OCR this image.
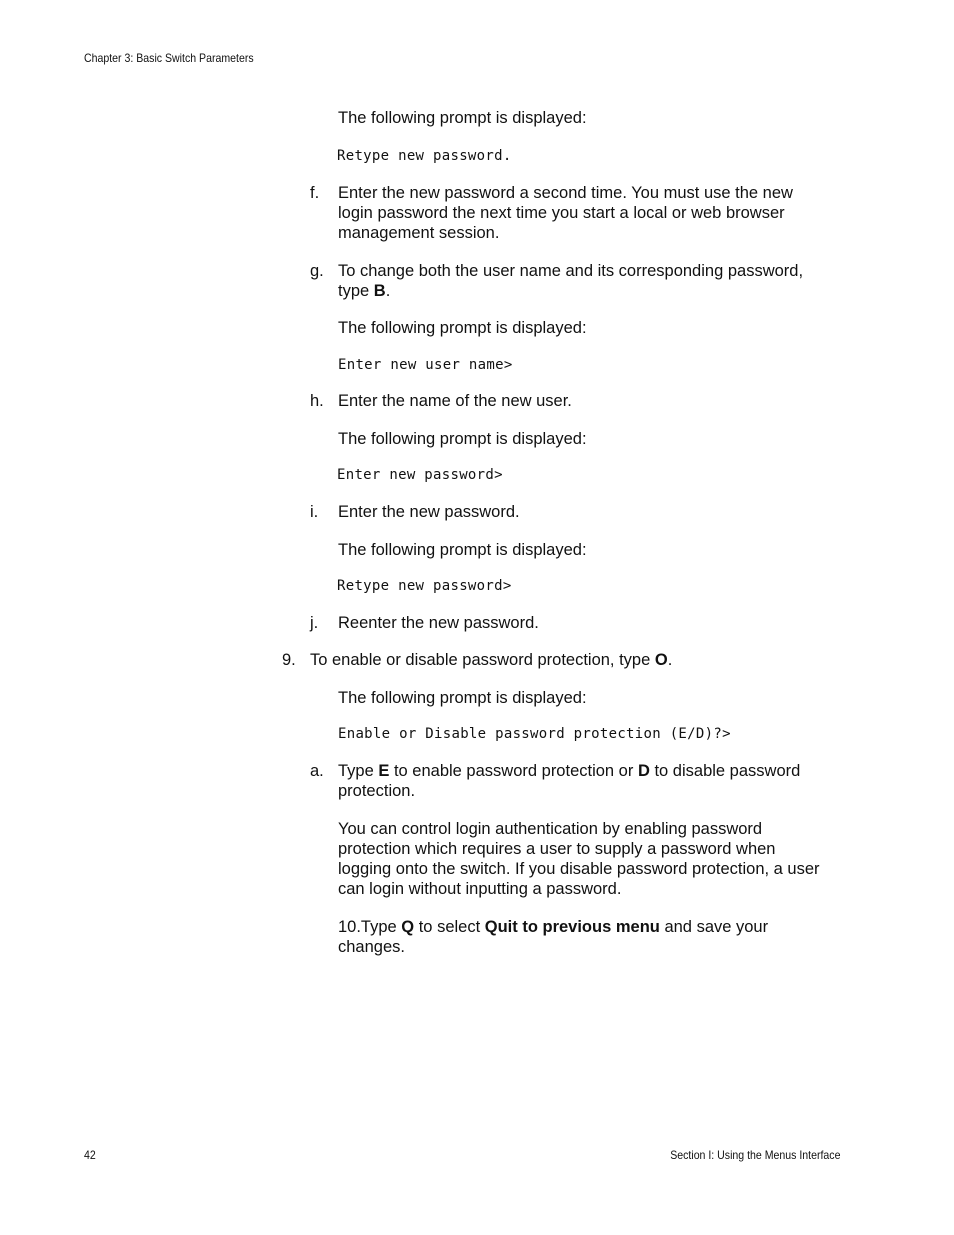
Chapter 3: Basic Switch Parameters
The following prompt is displayed:
Retype new password.
f. Enter the new password a second time. You must use the new
login password the next time you start a local or web browser
management session.
g. To change both the user name and its corresponding password,
type B.
The following prompt is displayed:
Enter new user name>
h. Enter the name of the new user.
The following prompt is displayed:
Enter new password>
i. Enter the new password.
The following prompt is displayed:
Retype new password>
j. Reenter the new password.
9. To enable or disable password protection, type O.
The following prompt is displayed:
Enable or Disable password protection (E/D)?>
a. Type E to enable password protection or D to disable password
protection.
You can control login authentication by enabling password
protection which requires a user to supply a password when
logging onto the switch. If you disable password protection, a user
can login without inputting a password.
10.Type Q to select Quit to previous menu and save your
changes.
42	Section I: Using the Menus Interface
